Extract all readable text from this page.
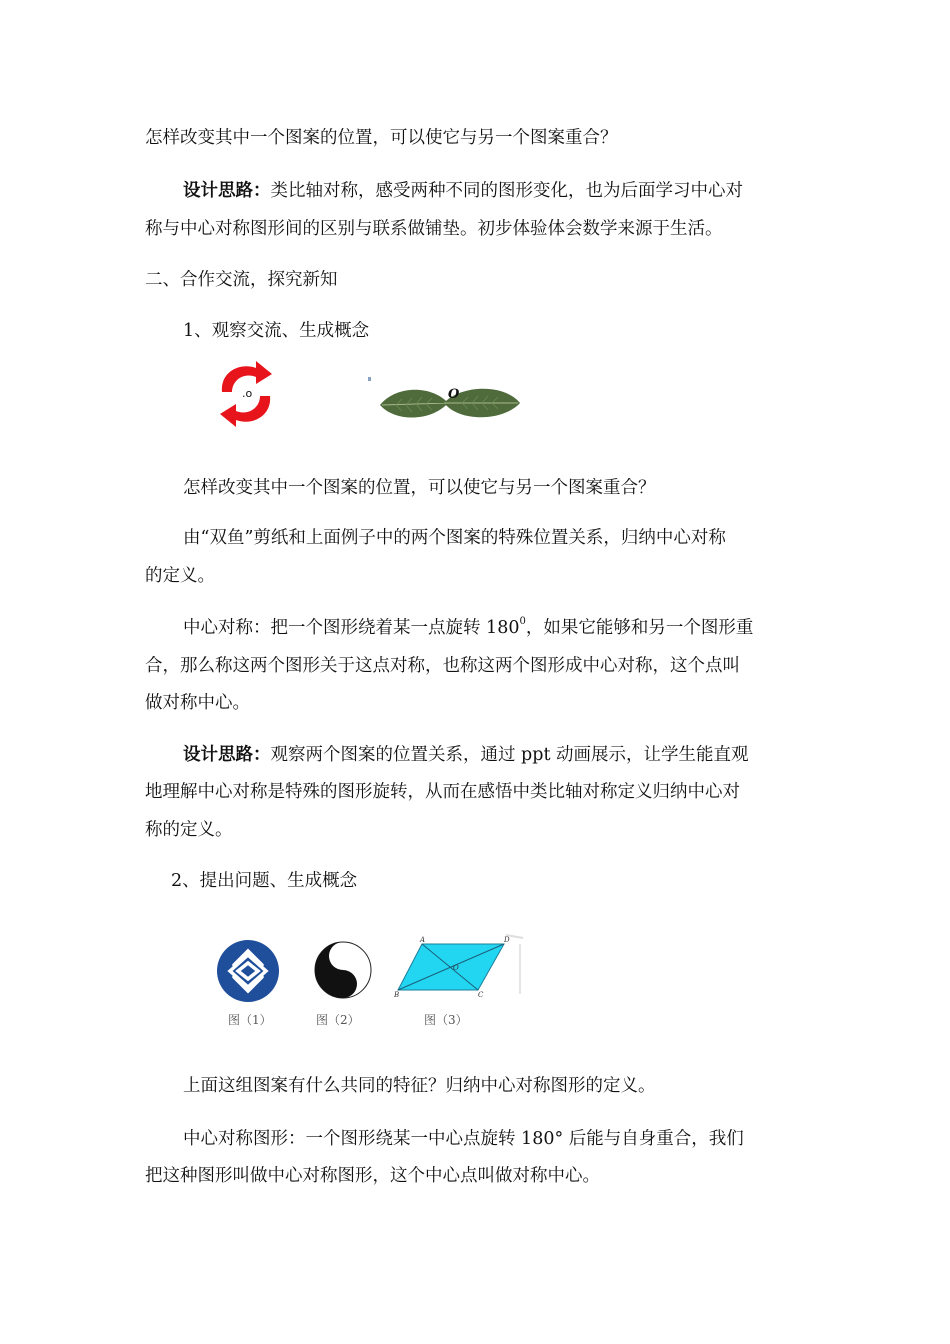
怎样改变其中一个图案的位置，可以使它与另一个图案重合？
设计思路：类比轴对称，感受两种不同的图形变化，也为后面学习中心对
称与中心对称图形间的区别与联系做铺垫。初步体验体会数学来源于生活。
二、合作交流，探究新知
1、观察交流、生成概念
.o	O
怎样改变其中一个图案的位置，可以使它与另一个图案重合？
由“双鱼”剪纸和上面例子中的两个图案的特殊位置关系，归纳中心对称
的定义。
中心对称：把一个图形绕着某一点旋转 $180^0$，如果它能够和另一个图形重
合，那么称这两个图形关于这点对称，也称这两个图形成中心对称，这个点叫
做对称中心。
设计思路：观察两个图案的位置关系，通过 ppt 动画展示，让学生能直观
地理解中心对称是特殊的图形旋转，从而在感悟中类比轴对称定义归纳中心对
称的定义。
2、提出问题、生成概念
图（1）	图（2）
A	D
B	C
O
图（3）
上面这组图案有什么共同的特征？归纳中心对称图形的定义。
中心对称图形：一个图形绕某一中心点旋转 180° 后能与自身重合，我们
把这种图形叫做中心对称图形，这个中心点叫做对称中心。
